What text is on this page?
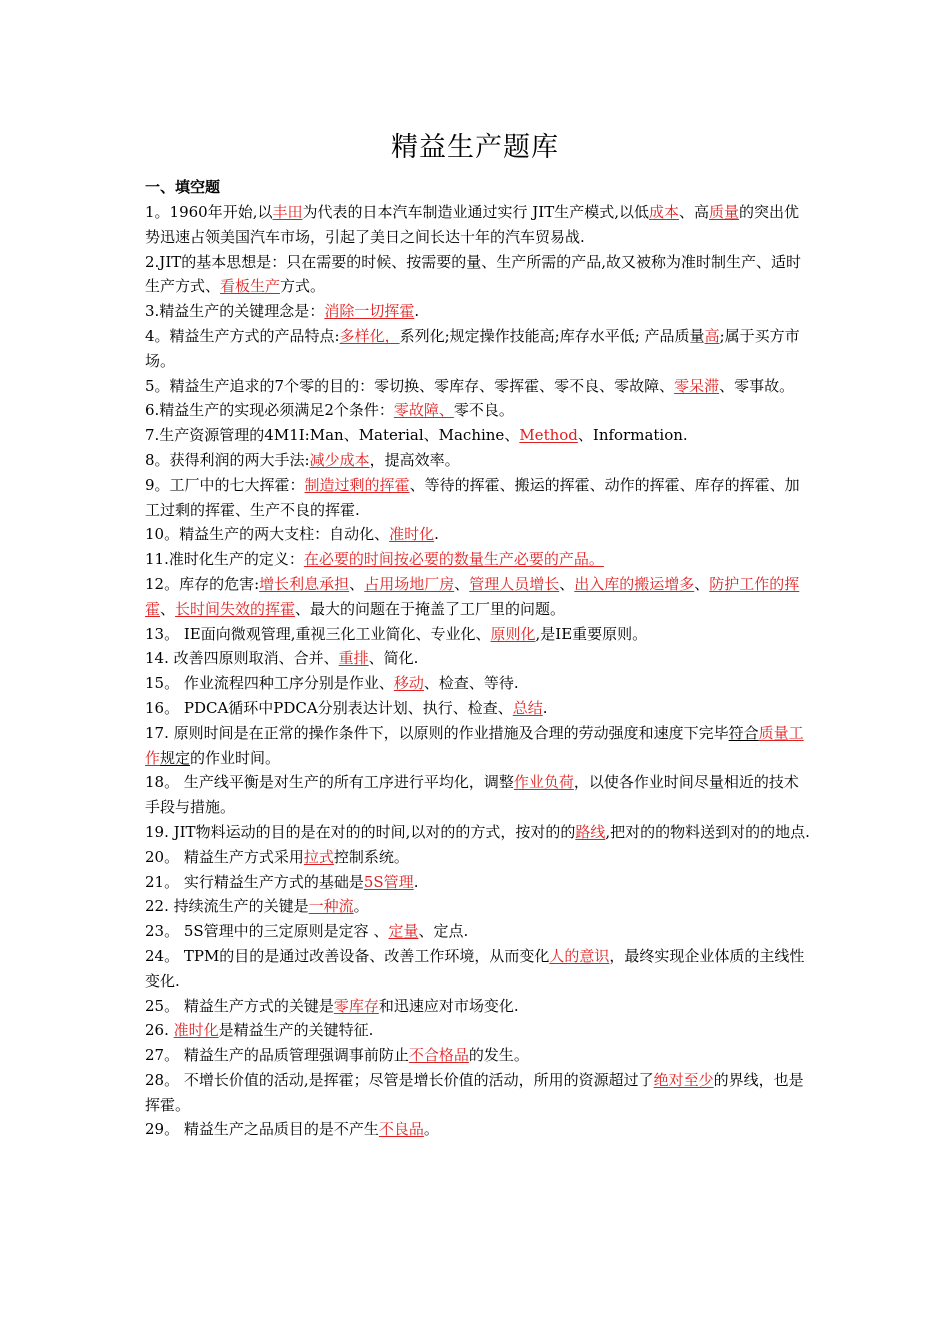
精益生产题库
一、填空题

1。1960年开始,以丰田为代表的日本汽车制造业通过实行 JIT生产模式,以低成本、高质量的突出优势迅速占领美国汽车市场，引起了美日之间长达十年的汽车贸易战.

2.JIT的基本思想是：只在需要的时候、按需要的量、生产所需的产品,故又被称为准时制生产、适时生产方式、看板生产方式。

3.精益生产的关键理念是：消除一切挥霍.

4。精益生产方式的产品特点:多样化，系列化;规定操作技能高;库存水平低; 产品质量高;属于买方市场。

5。精益生产追求的7个零的目的：零切换、零库存、零挥霍、零不良、零故障、零呆滞、零事故。

6.精益生产的实现必须满足2个条件：零故障、零不良。

7.生产资源管理的4M1I:Man、Material、Machine、Method、Information.

8。获得利润的两大手法:减少成本，提高效率。

9。工厂中的七大挥霍：制造过剩的挥霍、等待的挥霍、搬运的挥霍、动作的挥霍、库存的挥霍、加工过剩的挥霍、生产不良的挥霍.

10。精益生产的两大支柱：自动化、准时化.

11.准时化生产的定义：在必要的时间按必要的数量生产必要的产品。

12。库存的危害:增长利息承担、占用场地厂房、管理人员增长、出入库的搬运增多、防护工作的挥霍、长时间失效的挥霍、最大的问题在于掩盖了工厂里的问题。

13。 IE面向微观管理,重视三化工业简化、专业化、原则化,是IE重要原则。

14. 改善四原则取消、合并、重排、简化.

15。 作业流程四种工序分别是作业、移动、检查、等待.

16。 PDCA循环中PDCA分别表达计划、执行、检查、总结.

17. 原则时间是在正常的操作条件下，以原则的作业措施及合理的劳动强度和速度下完毕符合质量工作规定的作业时间。

18。 生产线平衡是对生产的所有工序进行平均化，调整作业负荷，以使各作业时间尽量相近的技术手段与措施。

19. JIT物料运动的目的是在对的的时间,以对的的方式，按对的的路线,把对的的物料送到对的的地点.

20。 精益生产方式采用拉式控制系统。

21。 实行精益生产方式的基础是5S管理.

22. 持续流生产的关键是一种流。

23。 5S管理中的三定原则是定容 、定量、定点.

24。 TPM的目的是通过改善设备、改善工作环境，从而变化人的意识，最终实现企业体质的主线性变化.

25。 精益生产方式的关键是零库存和迅速应对市场变化.

26. 准时化是精益生产的关键特征.

27。 精益生产的品质管理强调事前防止不合格品的发生。

28。 不增长价值的活动,是挥霍；尽管是增长价值的活动，所用的资源超过了绝对至少的界线，也是挥霍。

29。 精益生产之品质目的是不产生不良品。
